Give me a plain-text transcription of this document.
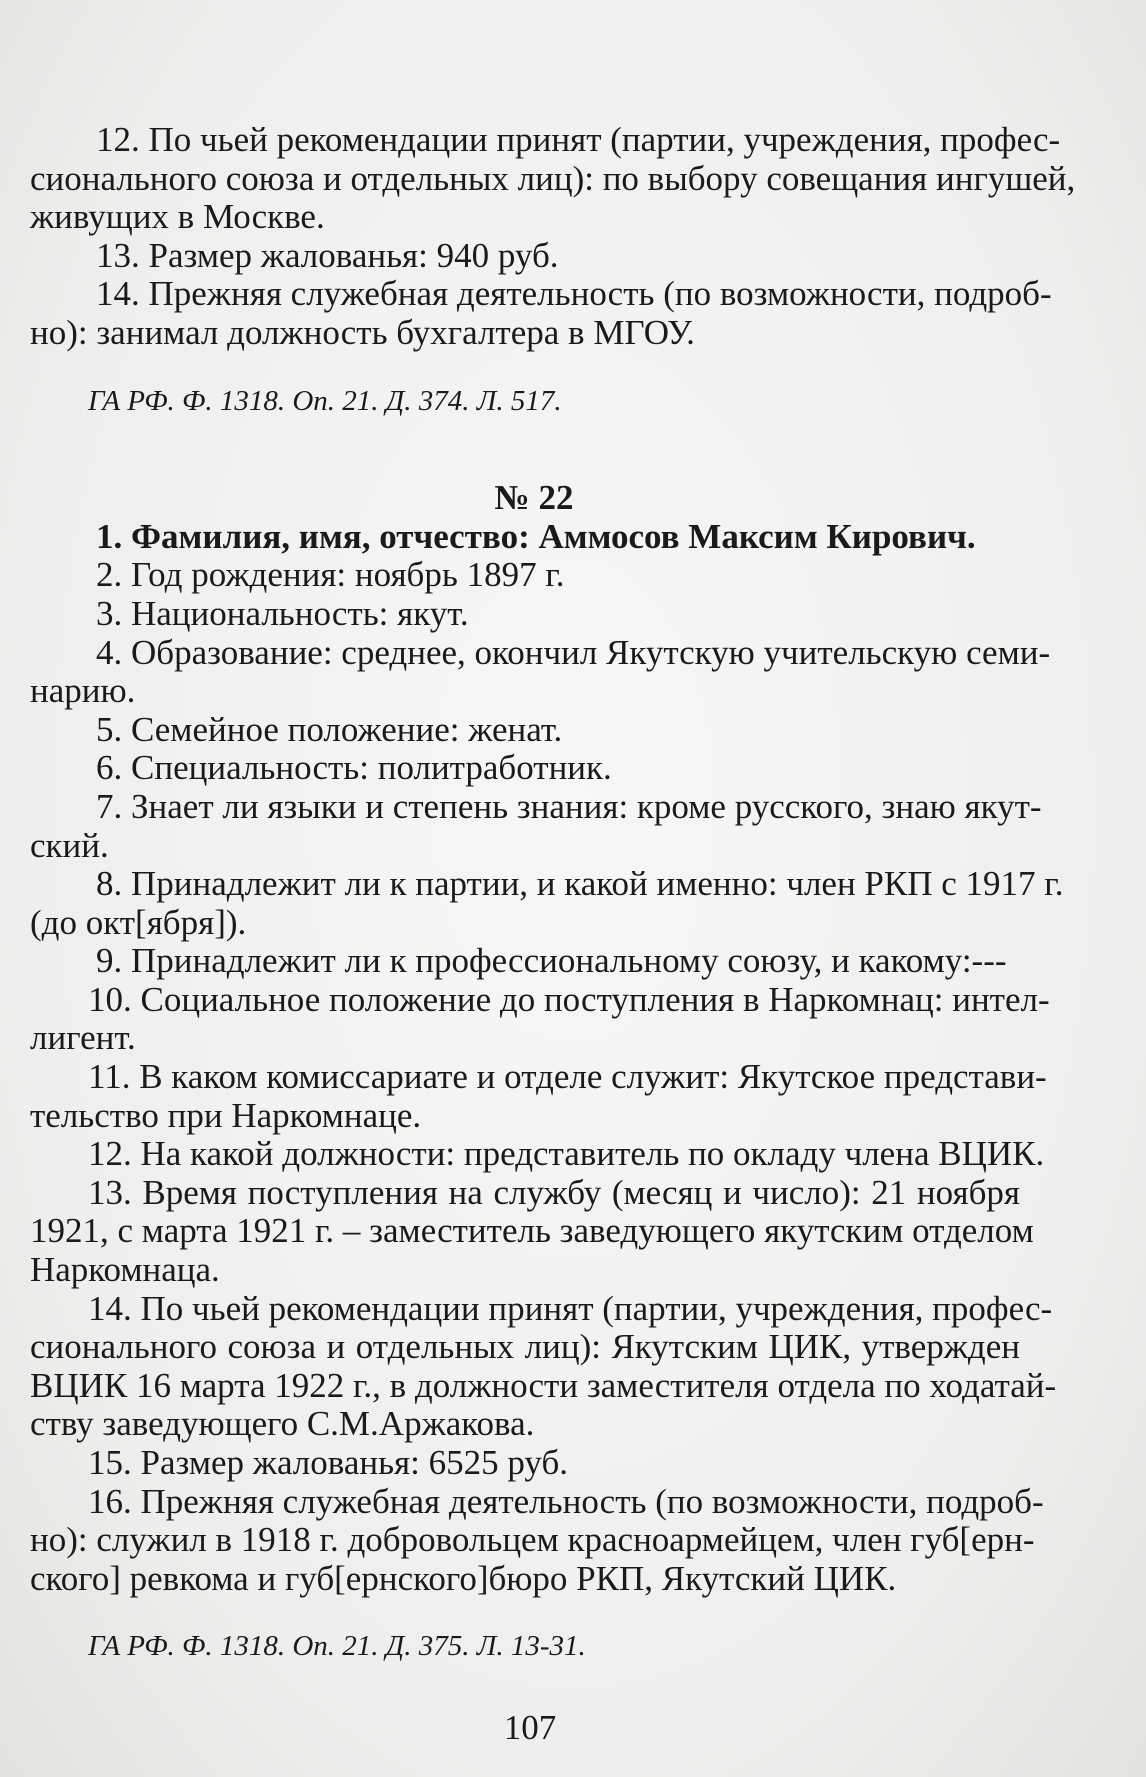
12. По чьей рекомендации принят (партии, учреждения, профес-

сионального союза и отдельных лиц): по выбору совещания ингушей,

живущих в Москве.

13. Размер жалованья: 940 руб.

14. Прежняя служебная деятельность (по возможности, подроб-

но): занимал должность бухгалтера в МГОУ.

ГА РФ. Ф. 1318. Оп. 21. Д. 374. Л. 517.

№ 22

1. Фамилия, имя, отчество: Аммосов Максим Кирович.

2. Год рождения: ноябрь 1897 г.

3. Национальность: якут.

4. Образование: среднее, окончил Якутскую учительскую семи-

нарию.

5. Семейное положение: женат.

6. Специальность: политработник.

7. Знает ли языки и степень знания: кроме русского, знаю якут-

ский.

8. Принадлежит ли к партии, и какой именно: член РКП с 1917 г.

(до окт[ября]).

9. Принадлежит ли к профессиональному союзу, и какому:---

10. Социальное положение до поступления в Наркомнац: интел-

лигент.

11. В каком комиссариате и отделе служит: Якутское представи-

тельство при Наркомнаце.

12. На какой должности: представитель по окладу члена ВЦИК.

13. Время поступления на службу (месяц и число): 21 ноября

1921, с марта 1921 г. – заместитель заведующего якутским отделом

Наркомнаца.

14. По чьей рекомендации принят (партии, учреждения, профес-

сионального союза и отдельных лиц): Якутским ЦИК, утвержден

ВЦИК 16 марта 1922 г., в должности заместителя отдела по ходатай-

ству заведующего С.М.Аржакова.

15. Размер жалованья: 6525 руб.

16. Прежняя служебная деятельность (по возможности, подроб-

но): служил в 1918 г. добровольцем красноармейцем, член губ[ерн-

ского] ревкома и губ[ернского]бюро РКП, Якутский ЦИК.

ГА РФ. Ф. 1318. Оп. 21. Д. 375. Л. 13-31.

107
